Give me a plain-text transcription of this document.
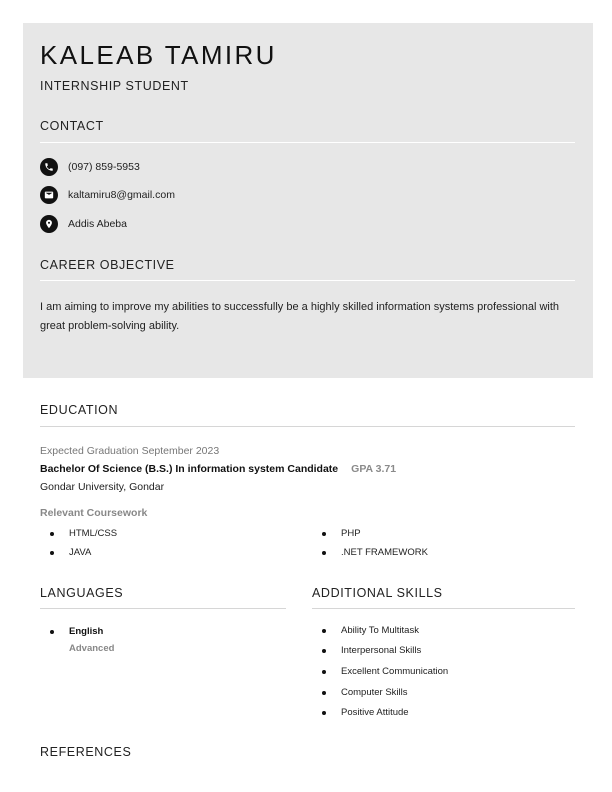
KALEAB TAMIRU
INTERNSHIP STUDENT
CONTACT
(097) 859-5953
kaltamiru8@gmail.com
Addis Abeba
CAREER OBJECTIVE
I am aiming to improve my abilities to successfully be a highly skilled information systems professional with great problem-solving ability.
EDUCATION
Expected Graduation September 2023
Bachelor Of Science (B.S.) In information system Candidate GPA 3.71
Gondar University, Gondar
Relevant Coursework
HTML/CSS
JAVA
PHP
.NET FRAMEWORK
LANGUAGES
English
Advanced
ADDITIONAL SKILLS
Ability To Multitask
Interpersonal Skills
Excellent Communication
Computer Skills
Positive Attitude
REFERENCES
